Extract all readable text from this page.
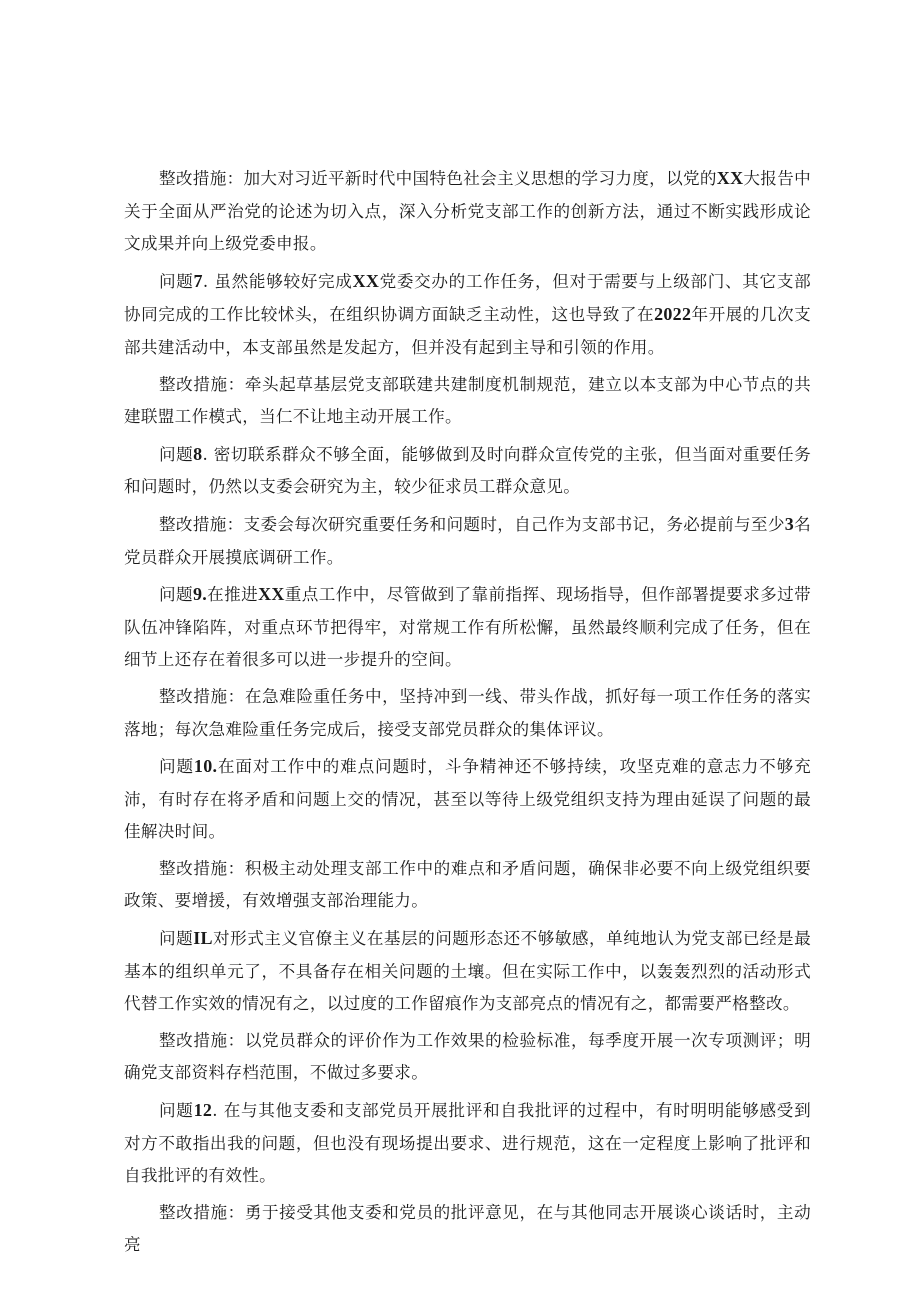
整改措施：加大对习近平新时代中国特色社会主义思想的学习力度，以党的XX大报告中关于全面从严治党的论述为切入点，深入分析党支部工作的创新方法，通过不断实践形成论文成果并向上级党委申报。

问题7. 虽然能够较好完成XX党委交办的工作任务，但对于需要与上级部门、其它支部协同完成的工作比较怵头，在组织协调方面缺乏主动性，这也导致了在2022年开展的几次支部共建活动中，本支部虽然是发起方，但并没有起到主导和引领的作用。

整改措施：牵头起草基层党支部联建共建制度机制规范，建立以本支部为中心节点的共建联盟工作模式，当仁不让地主动开展工作。

问题8. 密切联系群众不够全面，能够做到及时向群众宣传党的主张，但当面对重要任务和问题时，仍然以支委会研究为主，较少征求员工群众意见。

整改措施：支委会每次研究重要任务和问题时，自己作为支部书记，务必提前与至少3名党员群众开展摸底调研工作。

问题9.在推进XX重点工作中，尽管做到了靠前指挥、现场指导，但作部署提要求多过带队伍冲锋陷阵，对重点环节把得牢，对常规工作有所松懈，虽然最终顺利完成了任务，但在细节上还存在着很多可以进一步提升的空间。

整改措施：在急难险重任务中，坚持冲到一线、带头作战，抓好每一项工作任务的落实落地；每次急难险重任务完成后，接受支部党员群众的集体评议。

问题10.在面对工作中的难点问题时，斗争精神还不够持续，攻坚克难的意志力不够充沛，有时存在将矛盾和问题上交的情况，甚至以等待上级党组织支持为理由延误了问题的最佳解决时间。

整改措施：积极主动处理支部工作中的难点和矛盾问题，确保非必要不向上级党组织要政策、要增援，有效增强支部治理能力。

问题IL对形式主义官僚主义在基层的问题形态还不够敏感，单纯地认为党支部已经是最基本的组织单元了，不具备存在相关问题的土壤。但在实际工作中，以轰轰烈烈的活动形式代替工作实效的情况有之，以过度的工作留痕作为支部亮点的情况有之，都需要严格整改。

整改措施：以党员群众的评价作为工作效果的检验标准，每季度开展一次专项测评；明确党支部资料存档范围，不做过多要求。

问题12. 在与其他支委和支部党员开展批评和自我批评的过程中，有时明明能够感受到对方不敢指出我的问题，但也没有现场提出要求、进行规范，这在一定程度上影响了批评和自我批评的有效性。

整改措施：勇于接受其他支委和党员的批评意见，在与其他同志开展谈心谈话时，主动亮
